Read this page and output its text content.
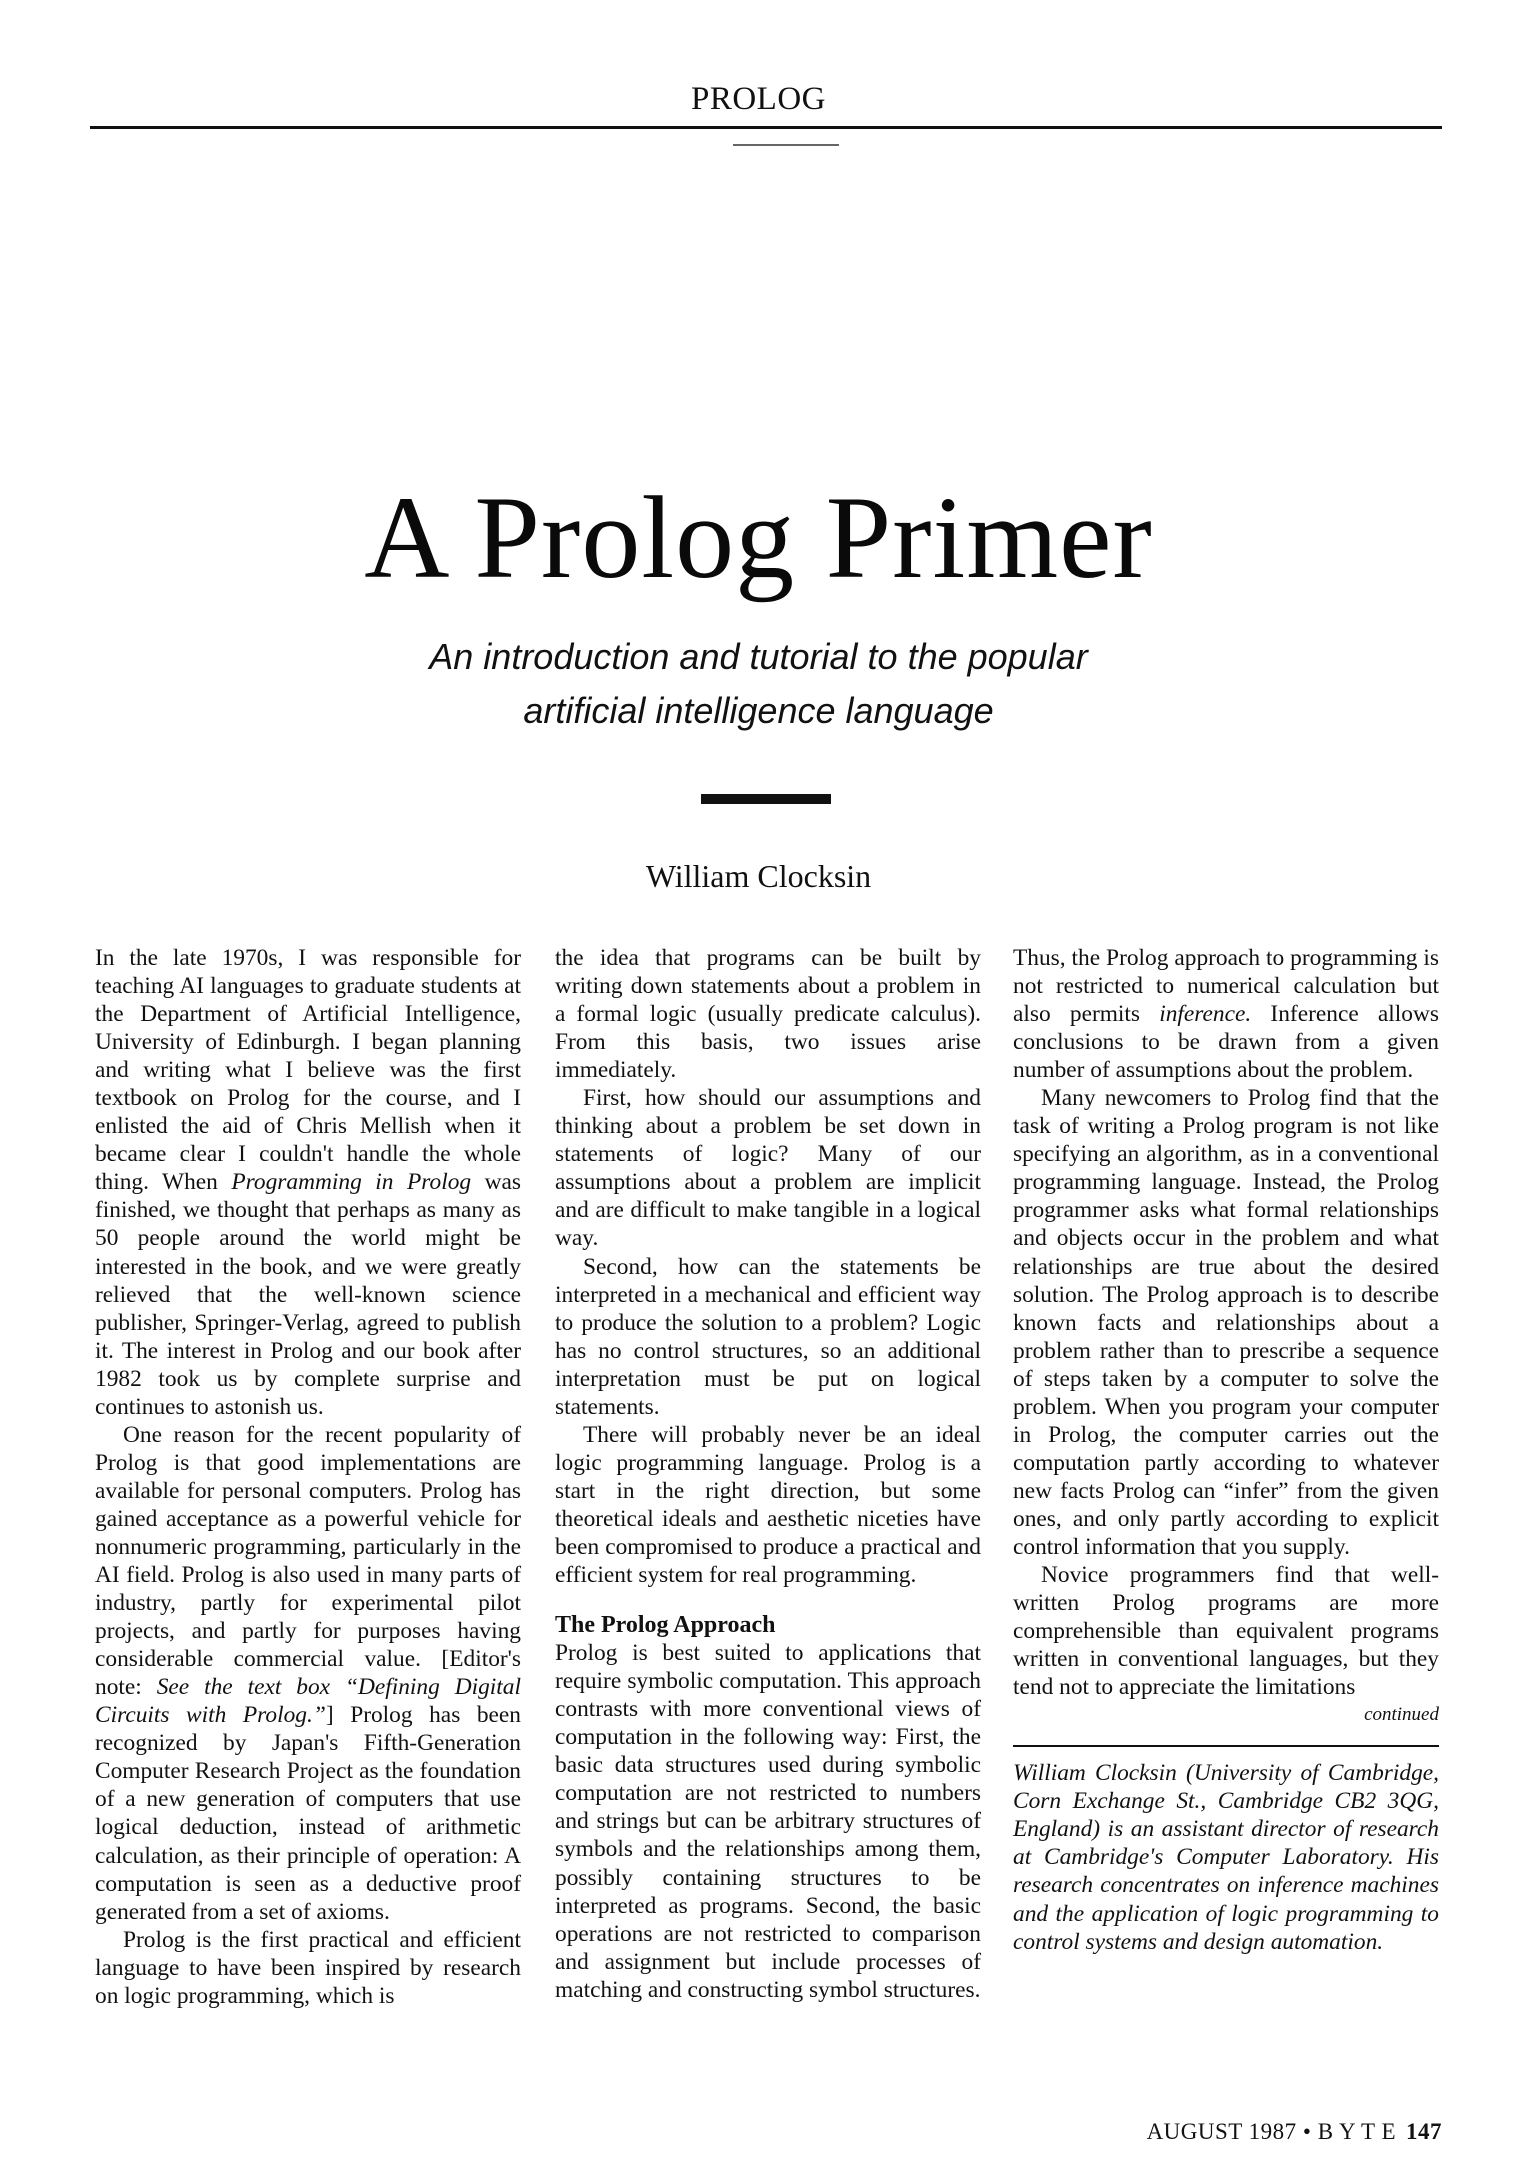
PROLOG
A Prolog Primer
An introduction and tutorial to the popular
artificial intelligence language
William Clocksin

In the late 1970s, I was responsible for teaching AI languages to graduate students at the Department of Artificial Intelligence, University of Edinburgh. I began planning and writing what I believe was the first textbook on Prolog for the course, and I enlisted the aid of Chris Mellish when it became clear I couldn't handle the whole thing. When Programming in Prolog was finished, we thought that perhaps as many as 50 people around the world might be interested in the book, and we were greatly relieved that the well-known science publisher, Springer-Verlag, agreed to publish it. The interest in Prolog and our book after 1982 took us by complete surprise and continues to astonish us.

One reason for the recent popularity of Prolog is that good implementations are available for personal computers. Prolog has gained acceptance as a powerful vehicle for nonnumeric programming, particularly in the AI field. Prolog is also used in many parts of industry, partly for experimental pilot projects, and partly for purposes having considerable commercial value. [Editor's note: See the text box “Defining Digital Circuits with Prolog.”] Prolog has been recognized by Japan's Fifth-Generation Computer Research Project as the foundation of a new generation of computers that use logical deduction, instead of arithmetic calculation, as their principle of operation: A computation is seen as a deductive proof generated from a set of axioms.

Prolog is the first practical and efficient language to have been inspired by research on logic programming, which is

the idea that programs can be built by writing down statements about a problem in a formal logic (usually predicate calculus). From this basis, two issues arise immediately.

First, how should our assumptions and thinking about a problem be set down in statements of logic? Many of our assumptions about a problem are implicit and are difficult to make tangible in a logical way.

Second, how can the statements be interpreted in a mechanical and efficient way to produce the solution to a problem? Logic has no control structures, so an additional interpretation must be put on logical statements.

There will probably never be an ideal logic programming language. Prolog is a start in the right direction, but some theoretical ideals and aesthetic niceties have been compromised to produce a practical and efficient system for real programming.

The Prolog Approach

Prolog is best suited to applications that require symbolic computation. This approach contrasts with more conventional views of computation in the following way: First, the basic data structures used during symbolic computation are not restricted to numbers and strings but can be arbitrary structures of symbols and the relationships among them, possibly containing structures to be interpreted as programs. Second, the basic operations are not restricted to comparison and assignment but include processes of matching and constructing symbol structures.

Thus, the Prolog approach to programming is not restricted to numerical calculation but also permits inference. Inference allows conclusions to be drawn from a given number of assumptions about the problem.

Many newcomers to Prolog find that the task of writing a Prolog program is not like specifying an algorithm, as in a conventional programming language. Instead, the Prolog programmer asks what formal relationships and objects occur in the problem and what relationships are true about the desired solution. The Prolog approach is to describe known facts and relationships about a problem rather than to prescribe a sequence of steps taken by a computer to solve the problem. When you program your computer in Prolog, the computer carries out the computation partly according to whatever new facts Prolog can “infer” from the given ones, and only partly according to explicit control information that you supply.

Novice programmers find that well-written Prolog programs are more comprehensible than equivalent programs written in conventional languages, but they tend not to appreciate the limitations

continued

William Clocksin (University of Cambridge, Corn Exchange St., Cambridge CB2 3QG, England) is an assistant director of research at Cambridge's Computer Laboratory. His research concentrates on inference machines and the application of logic programming to control systems and design automation.

AUGUST 1987 • B Y T E 147
